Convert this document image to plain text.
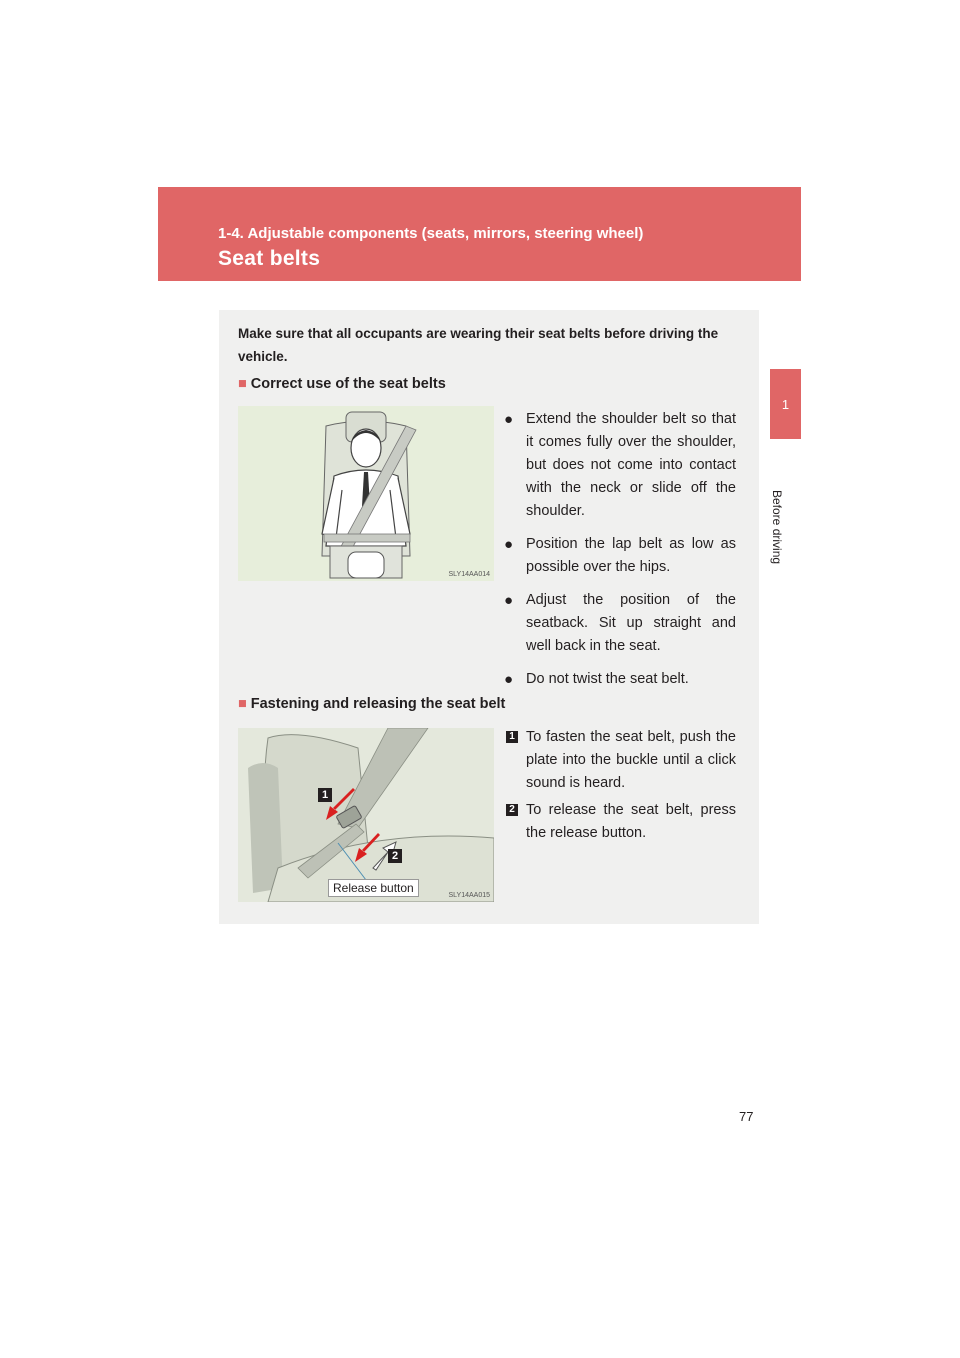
1-4. Adjustable components (seats, mirrors, steering wheel)
Seat belts
1
Before driving
Make sure that all occupants are wearing their seat belts before driving the vehicle.
■ Correct use of the seat belts
SLY14AA014
● Extend the shoulder belt so that it comes fully over the shoulder, but does not come into contact with the neck or slide off the shoulder.
● Position the lap belt as low as possible over the hips.
● Adjust the position of the seatback. Sit up straight and well back in the seat.
● Do not twist the seat belt.
■ Fastening and releasing the seat belt
1
2
Release button
SLY14AA015
1 To fasten the seat belt, push the plate into the buckle until a click sound is heard.
2 To release the seat belt, press the release button.
77
